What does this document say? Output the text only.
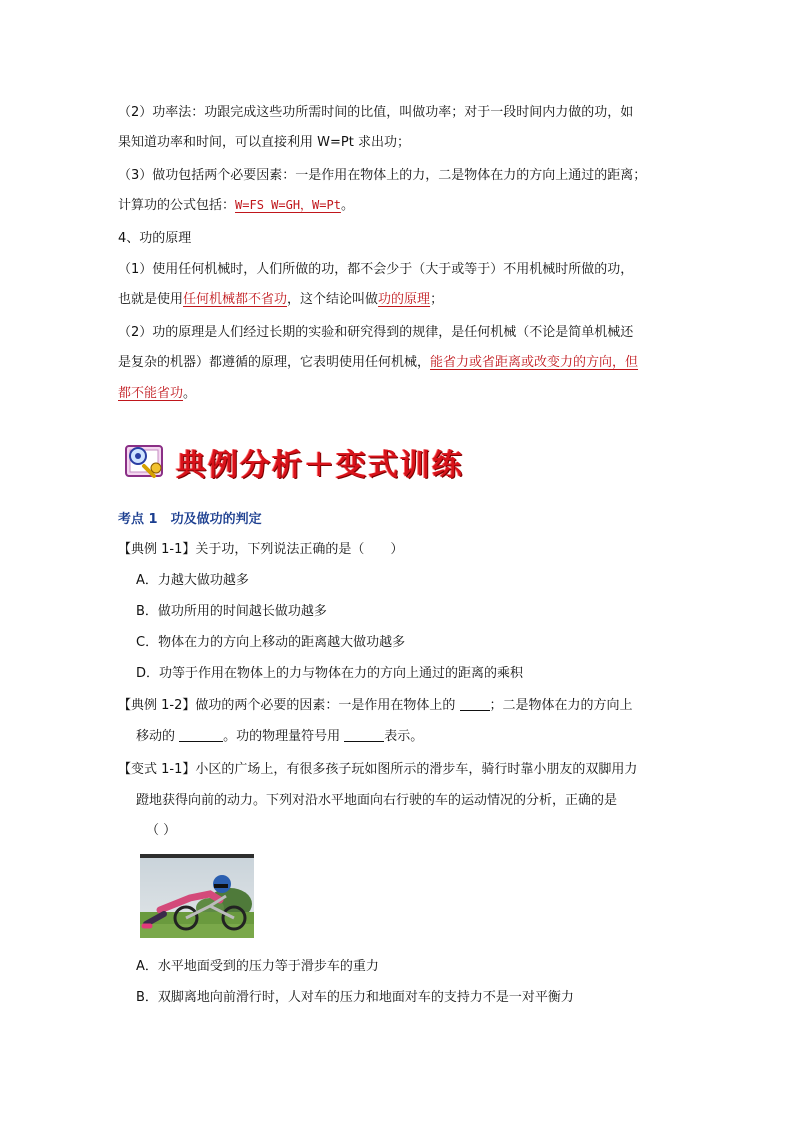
（2）功率法：功跟完成这些功所需时间的比值，叫做功率；对于一段时间内力做的功，如

果知道功率和时间，可以直接利用 W=Pt 求出功；

（3）做功包括两个必要因素：一是作用在物体上的力，二是物体在力的方向上通过的距离；

计算功的公式包括：W=FS W=GH，W=Pt。

4、功的原理

（1）使用任何机械时，人们所做的功，都不会少于（大于或等于）不用机械时所做的功，

也就是使用任何机械都不省功，这个结论叫做功的原理；

（2）功的原理是人们经过长期的实验和研究得到的规律，是任何机械（不论是简单机械还

是复杂的机器）都遵循的原理，它表明使用任何机械，能省力或省距离或改变力的方向，但

都不能省功。

典例分析＋变式训练

考点 1　功及做功的判定

【典例 1-1】关于功，下列说法正确的是（　　）

A．力越大做功越多

B．做功所用的时间越长做功越多

C．物体在力的方向上移动的距离越大做功越多

D．功等于作用在物体上的力与物体在力的方向上通过的距离的乘积

【典例 1-2】做功的两个必要的因素：一是作用在物体上的 ；二是物体在力的方向上

移动的	。功的物理量符号用	表示。

【变式 1-1】小区的广场上，有很多孩子玩如图所示的滑步车，骑行时靠小朋友的双脚用力

蹬地获得向前的动力。下列对沿水平地面向右行驶的车的运动情况的分析，正确的是

（ ）

A．水平地面受到的压力等于滑步车的重力

B．双脚离地向前滑行时，人对车的压力和地面对车的支持力不是一对平衡力
